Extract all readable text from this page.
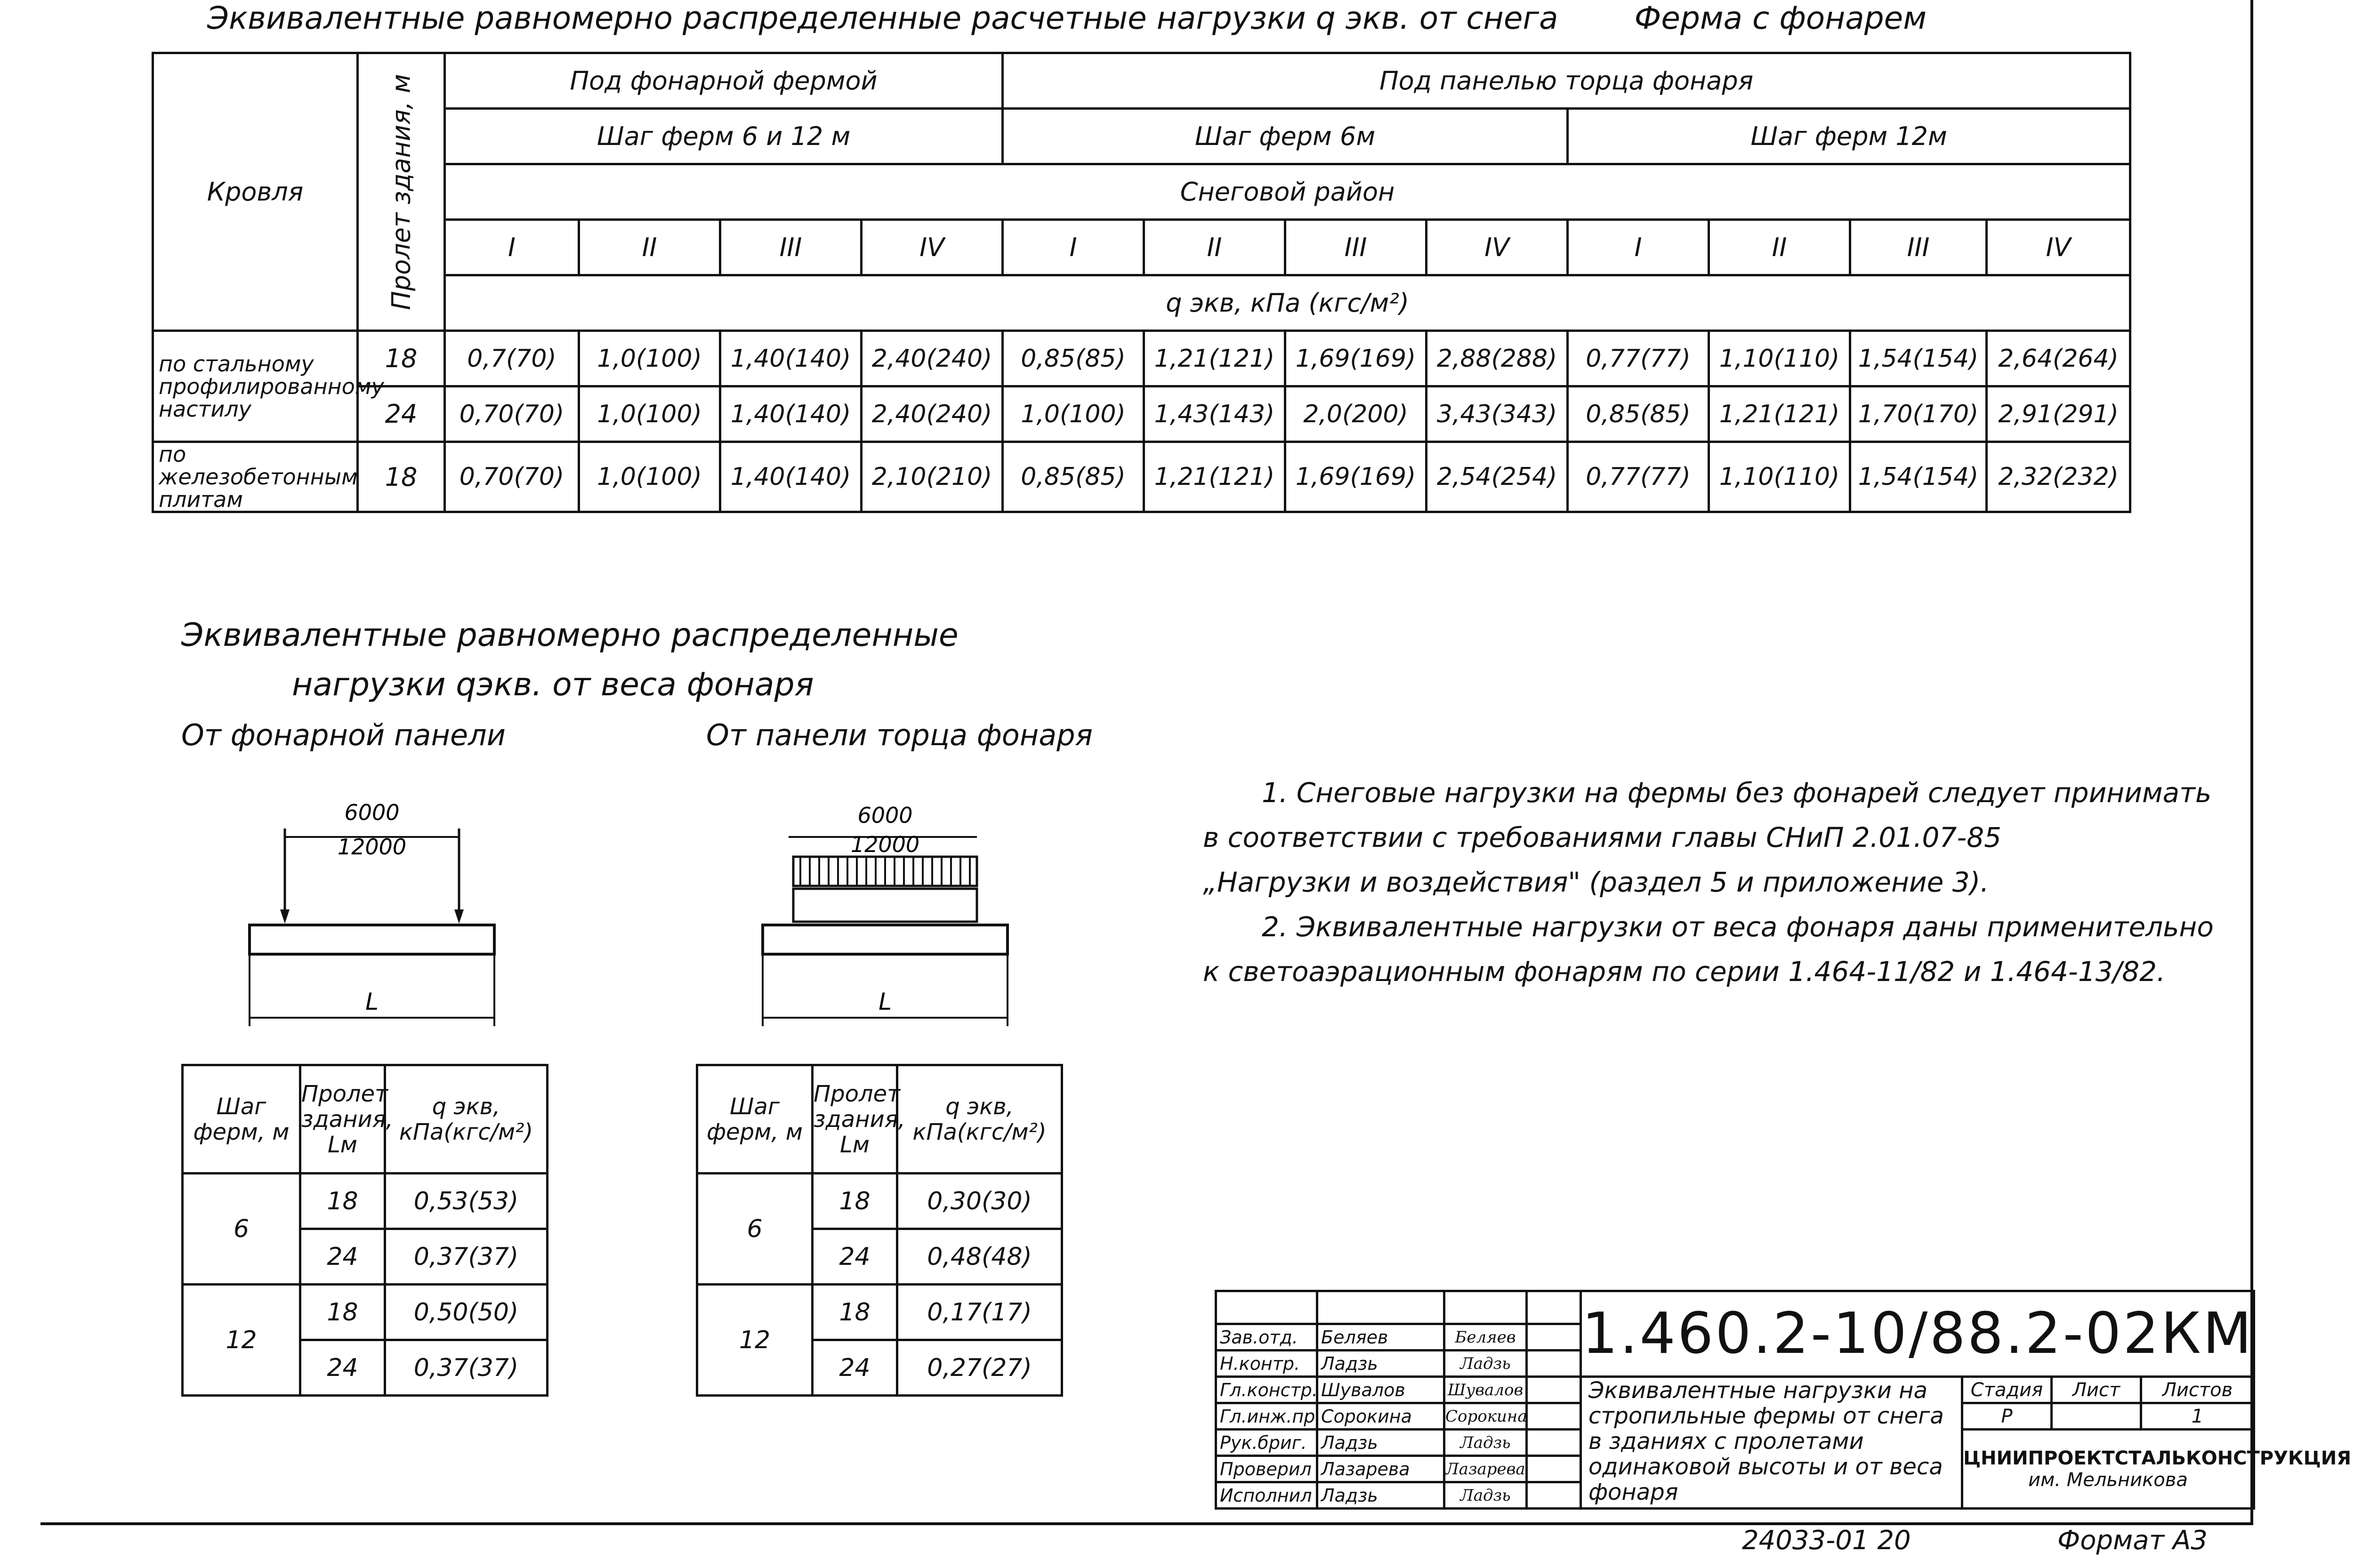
Эквивалентные равномерно распределенные расчетные нагрузки q экв. от снега Ферма с фонарем
Кровля	Пролет здания, м	Под фонарной фермой				Под панелью торца фонаря							
		Шаг ферм 6 и 12 м				Шаг ферм 6м				Шаг ферм 12м			
		Снеговой район											
		I	II	III	IV	I	II	III	IV	I	II	III	IV
		q экв, кПа (кгс/м²)											
по стальному профилированному настилу	18	0,7(70)	1,0(100)	1,40(140)	2,40(240)	0,85(85)	1,21(121)	1,69(169)	2,88(288)	0,77(77)	1,10(110)	1,54(154)	2,64(264)
	24	0,70(70)	1,0(100)	1,40(140)	2,40(240)	1,0(100)	1,43(143)	2,0(200)	3,43(343)	0,85(85)	1,21(121)	1,70(170)	2,91(291)
по железобетонным плитам	18	0,70(70)	1,0(100)	1,40(140)	2,10(210)	0,85(85)	1,21(121)	1,69(169)	2,54(254)	0,77(77)	1,10(110)	1,54(154)	2,32(232)
Эквивалентные равномерно распределенные
нагрузки qэкв. от веса фонаря
От фонарной панели	От панели торца фонаря
6000
12000
L
6000
12000
L
Шаг ферм, м	Пролет здания, Lм	q экв, кПа(кгс/м²)
6	18	0,53(53)
	24	0,37(37)
12	18	0,50(50)
	24	0,37(37)
Шаг ферм, м	Пролет здания, Lм	q экв, кПа(кгс/м²)
6	18	0,30(30)
	24	0,48(48)
12	18	0,17(17)
	24	0,27(27)
1. Снеговые нагрузки на фермы без фонарей следует принимать
в соответствии с требованиями главы СНиП 2.01.07-85
„Нагрузки и воздействия" (раздел 5 и приложение 3).
2. Эквивалентные нагрузки от веса фонаря даны применительно
к светоаэрационным фонарям по серии 1.464-11/82 и 1.464-13/82.
				1.460.2-10/88.2-02КМ			
Зав.отд.	Беляев	Беляев					
Н.контр.	Ладзь	Ладзь					
Гл.констр.	Шувалов	Шувалов		Эквивалентные нагрузки на стропильные фермы от снега в зданиях с пролетами одинаковой высоты и от веса фонаря	Стадия	Лист	Листов
Гл.инж.пр.	Сорокина	Сорокина			Р		1
Рук.бриг.	Ладзь	Ладзь			ЦНИИПРОЕКТСТАЛЬКОНСТРУКЦИЯ
им. Мельникова		

Проверил	Лазарева	Лазарева					
Исполнил	Ладзь	Ладзь					
24033-01 20	Формат А3
